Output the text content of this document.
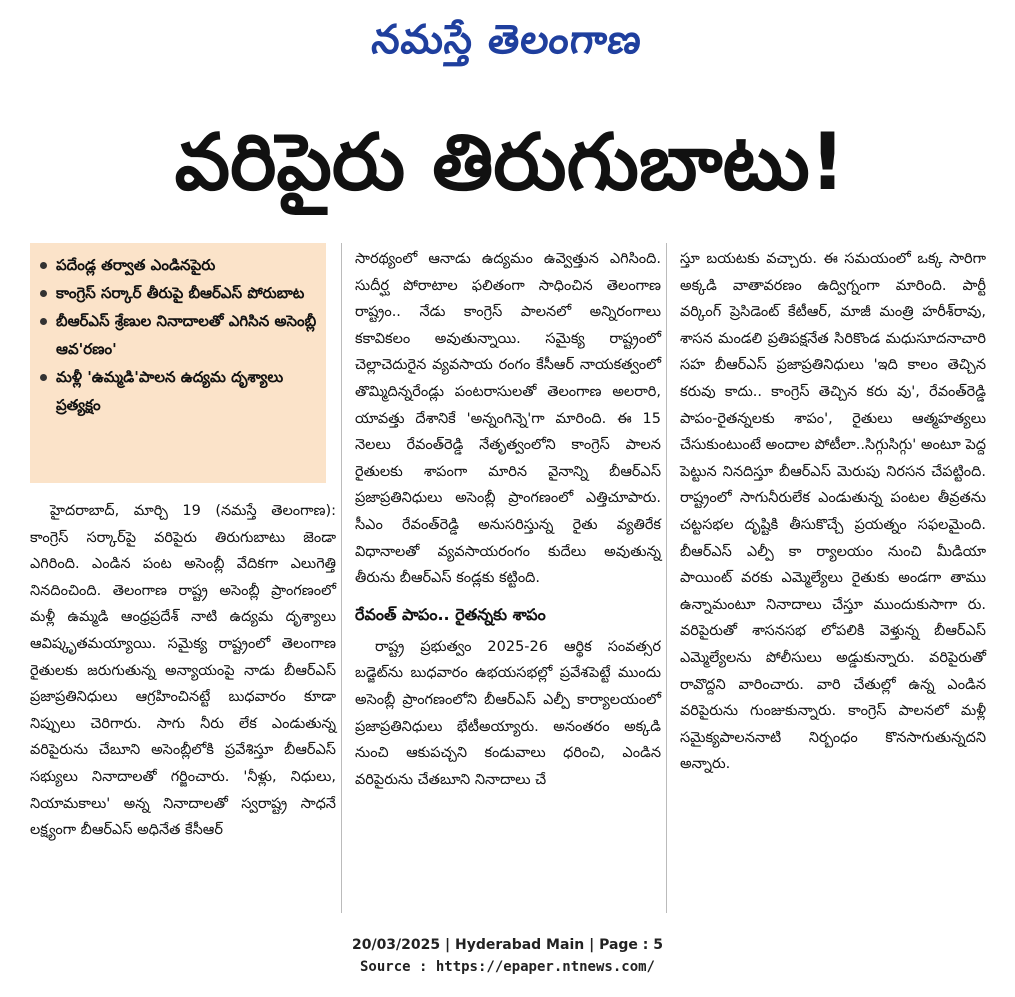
నమస్తే తెలంగాణ
వరిపైరు తిరుగుబాటు!
పదేండ్ల తర్వాత ఎండినపైరు
కాంగ్రెస్ సర్కార్ తీరుపై బీఆర్ఎస్ పోరుబాట
బీఆర్ఎస్ శ్రేణుల నినాదాలతో ఎగిసిన అసెంబ్లీ ఆవ'రణం'
మళ్లీ 'ఉమ్మడి'పాలన ఉద్యమ దృశ్యాలు ప్రత్యక్షం

హైదరాబాద్, మార్చి 19 (నమస్తే తెలంగాణ): కాంగ్రెస్ సర్కార్‌పై వరిపైరు తిరుగుబాటు జెండా ఎగిరింది. ఎండిన పంట అసెంబ్లీ వేదికగా ఎలుగెత్తి నినదించింది. తెలంగాణ రాష్ట్ర అసెంబ్లీ ప్రాంగణంలో మళ్లీ ఉమ్మడి ఆంధ్రప్రదేశ్ నాటి ఉద్యమ దృశ్యాలు ఆవిష్కృతమయ్యాయి. సమైక్య రాష్ట్రంలో తెలంగాణ రైతులకు జరుగుతున్న అన్యాయంపై నాడు బీఆర్ఎస్ ప్రజాప్రతినిధులు ఆగ్రహించినట్టే బుధవారం కూడా నిప్పులు చెరిగారు. సాగు నీరు లేక ఎండుతున్న వరిపైరును చేబూని అసెంబ్లీలోకి ప్రవేశిస్తూ బీఆర్ఎస్ సభ్యులు నినాదాలతో గర్జించారు. 'నీళ్లు, నిధులు, నియామకాలు' అన్న నినాదాలతో స్వరాష్ట్ర సాధనే లక్ష్యంగా బీఆర్ఎస్ అధినేత కేసీఆర్

సారథ్యంలో ఆనాడు ఉద్యమం ఉవ్వెత్తున ఎగిసింది. సుదీర్ఘ పోరాటాల ఫలితంగా సాధించిన తెలంగాణ రాష్ట్రం.. నేడు కాంగ్రెస్ పాలనలో అన్నిరంగాలు కకావికలం అవుతున్నాయి. సమైక్య రాష్ట్రంలో చెల్లాచెదురైన వ్యవసాయ రంగం కేసీఆర్ నాయకత్వంలో తొమ్మిదిన్నరేండ్లు పంటరాసులతో తెలంగాణ అలరారి, యావత్తు దేశానికే 'అన్నంగిన్నె'గా మారింది. ఈ 15 నెలలు రేవంత్‌రెడ్డి నేతృత్వంలోని కాంగ్రెస్ పాలన రైతులకు శాపంగా మారిన వైనాన్ని బీఆర్ఎస్ ప్రజాప్రతినిధులు అసెంబ్లీ ప్రాంగణంలో ఎత్తిచూపారు. సీఎం రేవంత్‌రెడ్డి అనుసరిస్తున్న రైతు వ్యతిరేక విధానాలతో వ్యవసాయరంగం కుదేలు అవుతున్న తీరును బీఆర్ఎస్ కండ్లకు కట్టింది.

రేవంత్ పాపం.. రైతన్నకు శాపం

రాష్ట్ర ప్రభుత్వం 2025-26 ఆర్థిక సంవత్సర బడ్జెట్‌ను బుధవారం ఉభయసభల్లో ప్రవేశపెట్టే ముందు అసెంబ్లీ ప్రాంగణంలోని బీఆర్ఎస్ ఎల్పీ కార్యాలయంలో ప్రజాప్రతినిధులు భేటీఅయ్యారు. అనంతరం అక్కడి నుంచి ఆకుపచ్చని కండువాలు ధరించి, ఎండిన వరిపైరును చేతబూని నినాదాలు చే

స్తూ బయటకు వచ్చారు. ఈ సమయంలో ఒక్క సారిగా అక్కడి వాతావరణం ఉద్విగ్నంగా మారింది. పార్టీ వర్కింగ్ ప్రెసిడెంట్ కేటీఆర్, మాజీ మంత్రి హరీశ్‌రావు, శాసన మండలి ప్రతిపక్షనేత సిరికొండ మధుసూదనాచారి సహ బీఆర్ఎస్ ప్రజాప్రతినిధులు 'ఇది కాలం తెచ్చిన కరువు కాదు.. కాంగ్రెస్ తెచ్చిన కరు వు', రేవంత్‌రెడ్డి పాపం-రైతన్నలకు శాపం', రైతులు ఆత్మహత్యలు చేసుకుంటుంటే అందాల పోటీలా..సిగ్గుసిగ్గు' అంటూ పెద్ద పెట్టున నినదిస్తూ బీఆర్ఎస్ మెరుపు నిరసన చేపట్టింది. రాష్ట్రంలో సాగునీరులేక ఎండుతున్న పంటల తీవ్రతను చట్టసభల దృష్టికి తీసుకొచ్చే ప్రయత్నం సఫలమైంది. బీఆర్ఎస్ ఎల్పీ కా ర్యాలయం నుంచి మీడియా పాయింట్ వరకు ఎమ్మెల్యేలు రైతుకు అండగా తాము ఉన్నామంటూ నినాదాలు చేస్తూ ముందుకుసాగా రు. వరిపైరుతో శాసనసభ లోపలికి వెళ్తున్న బీఆర్ఎస్ ఎమ్మెల్యేలను పోలీసులు అడ్డుకున్నారు. వరిపైరుతో రావొద్దని వారించారు. వారి చేతుల్లో ఉన్న ఎండిన వరిపైరును గుంజుకున్నారు. కాంగ్రెస్ పాలనలో మళ్లీ సమైక్యపాలననాటి నిర్బంధం కొనసాగుతున్నదని అన్నారు.

20/03/2025 | Hyderabad Main | Page : 5
Source : https://epaper.ntnews.com/
